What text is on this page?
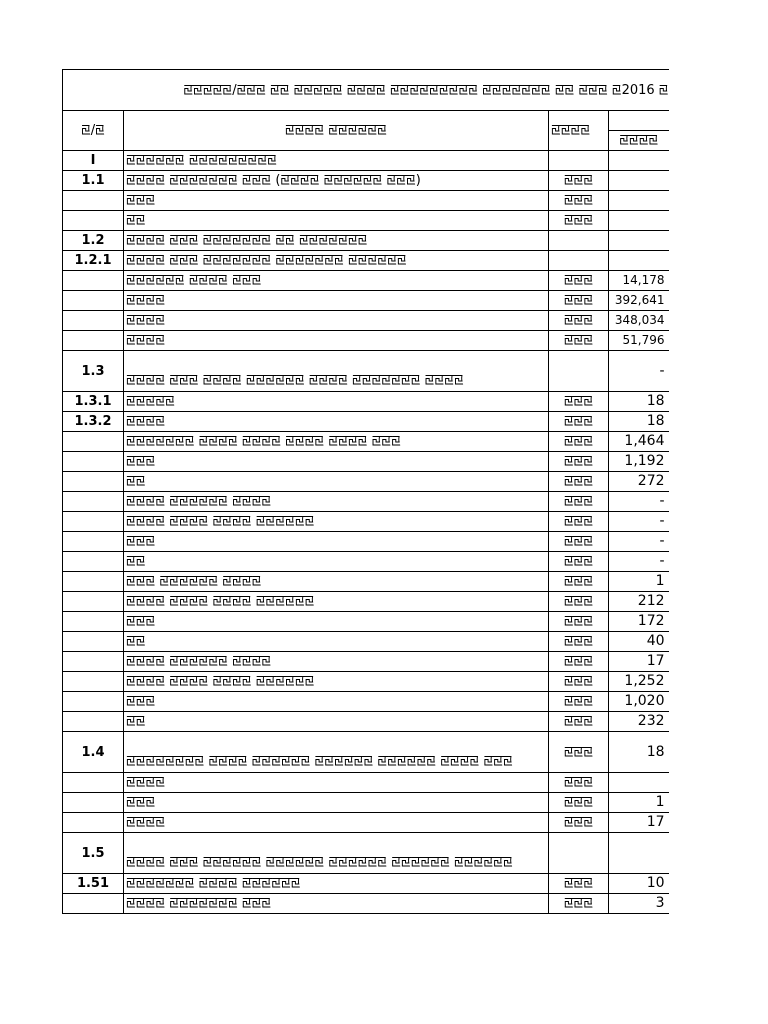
ꡙꡙꡙꡙꡙ/ꡙꡙꡙ ꡙꡙ ꡙꡙꡙꡙꡙ ꡙꡙꡙꡙ ꡙꡙꡙꡙꡙꡙꡙꡙꡙ ꡙꡙꡙꡙꡙꡙꡙ ꡙꡙ ꡙꡙꡙ ꡙ2016 ꡙ			
ꡙ/ꡙ	ꡙꡙꡙꡙ ꡙꡙꡙꡙꡙꡙ	ꡙꡙꡙꡙ	
			ꡙꡙꡙꡙ
I	ꡙꡙꡙꡙꡙꡙ ꡙꡙꡙꡙꡙꡙꡙꡙꡙ		
1.1	ꡙꡙꡙꡙ ꡙꡙꡙꡙꡙꡙꡙ ꡙꡙꡙ (ꡙꡙꡙꡙ ꡙꡙꡙꡙꡙꡙ ꡙꡙꡙ)	ꡙꡙꡙ	
	ꡙꡙꡙ	ꡙꡙꡙ	
	ꡙꡙ	ꡙꡙꡙ	
1.2	ꡙꡙꡙꡙ ꡙꡙꡙ ꡙꡙꡙꡙꡙꡙꡙ ꡙꡙ ꡙꡙꡙꡙꡙꡙꡙ		
1.2.1	ꡙꡙꡙꡙ ꡙꡙꡙ ꡙꡙꡙꡙꡙꡙꡙ ꡙꡙꡙꡙꡙꡙꡙ ꡙꡙꡙꡙꡙꡙ		
	ꡙꡙꡙꡙꡙꡙ ꡙꡙꡙꡙ ꡙꡙꡙ	ꡙꡙꡙ	14,178
	ꡙꡙꡙꡙ	ꡙꡙꡙ	392,641
	ꡙꡙꡙꡙ	ꡙꡙꡙ	348,034
	ꡙꡙꡙꡙ	ꡙꡙꡙ	51,796
1.3	ꡙꡙꡙꡙ ꡙꡙꡙ ꡙꡙꡙꡙ ꡙꡙꡙꡙꡙꡙ ꡙꡙꡙꡙ ꡙꡙꡙꡙꡙꡙꡙ ꡙꡙꡙꡙ		-
1.3.1	ꡙꡙꡙꡙꡙ	ꡙꡙꡙ	18
1.3.2	ꡙꡙꡙꡙ	ꡙꡙꡙ	18
	ꡙꡙꡙꡙꡙꡙꡙ ꡙꡙꡙꡙ ꡙꡙꡙꡙ ꡙꡙꡙꡙ ꡙꡙꡙꡙ ꡙꡙꡙ	ꡙꡙꡙ	1,464
	ꡙꡙꡙ	ꡙꡙꡙ	1,192
	ꡙꡙ	ꡙꡙꡙ	272
	ꡙꡙꡙꡙ ꡙꡙꡙꡙꡙꡙ ꡙꡙꡙꡙ	ꡙꡙꡙ	-
	ꡙꡙꡙꡙ ꡙꡙꡙꡙ ꡙꡙꡙꡙ ꡙꡙꡙꡙꡙꡙ	ꡙꡙꡙ	-
	ꡙꡙꡙ	ꡙꡙꡙ	-
	ꡙꡙ	ꡙꡙꡙ	-
	ꡙꡙꡙ ꡙꡙꡙꡙꡙꡙ ꡙꡙꡙꡙ	ꡙꡙꡙ	1
	ꡙꡙꡙꡙ ꡙꡙꡙꡙ ꡙꡙꡙꡙ ꡙꡙꡙꡙꡙꡙ	ꡙꡙꡙ	212
	ꡙꡙꡙ	ꡙꡙꡙ	172
	ꡙꡙ	ꡙꡙꡙ	40
	ꡙꡙꡙꡙ ꡙꡙꡙꡙꡙꡙ ꡙꡙꡙꡙ	ꡙꡙꡙ	17
	ꡙꡙꡙꡙ ꡙꡙꡙꡙ ꡙꡙꡙꡙ ꡙꡙꡙꡙꡙꡙ	ꡙꡙꡙ	1,252
	ꡙꡙꡙ	ꡙꡙꡙ	1,020
	ꡙꡙ	ꡙꡙꡙ	232
1.4	ꡙꡙꡙꡙꡙꡙꡙꡙ ꡙꡙꡙꡙ ꡙꡙꡙꡙꡙꡙ ꡙꡙꡙꡙꡙꡙ ꡙꡙꡙꡙꡙꡙ ꡙꡙꡙꡙ ꡙꡙꡙ	ꡙꡙꡙ	18
	ꡙꡙꡙꡙ	ꡙꡙꡙ	
	ꡙꡙꡙ	ꡙꡙꡙ	1
	ꡙꡙꡙꡙ	ꡙꡙꡙ	17
1.5	ꡙꡙꡙꡙ ꡙꡙꡙ ꡙꡙꡙꡙꡙꡙ ꡙꡙꡙꡙꡙꡙ ꡙꡙꡙꡙꡙꡙ ꡙꡙꡙꡙꡙꡙ ꡙꡙꡙꡙꡙꡙ		
1.51	ꡙꡙꡙꡙꡙꡙꡙ ꡙꡙꡙꡙ ꡙꡙꡙꡙꡙꡙ	ꡙꡙꡙ	10
	ꡙꡙꡙꡙ ꡙꡙꡙꡙꡙꡙꡙ ꡙꡙꡙ	ꡙꡙꡙ	3
